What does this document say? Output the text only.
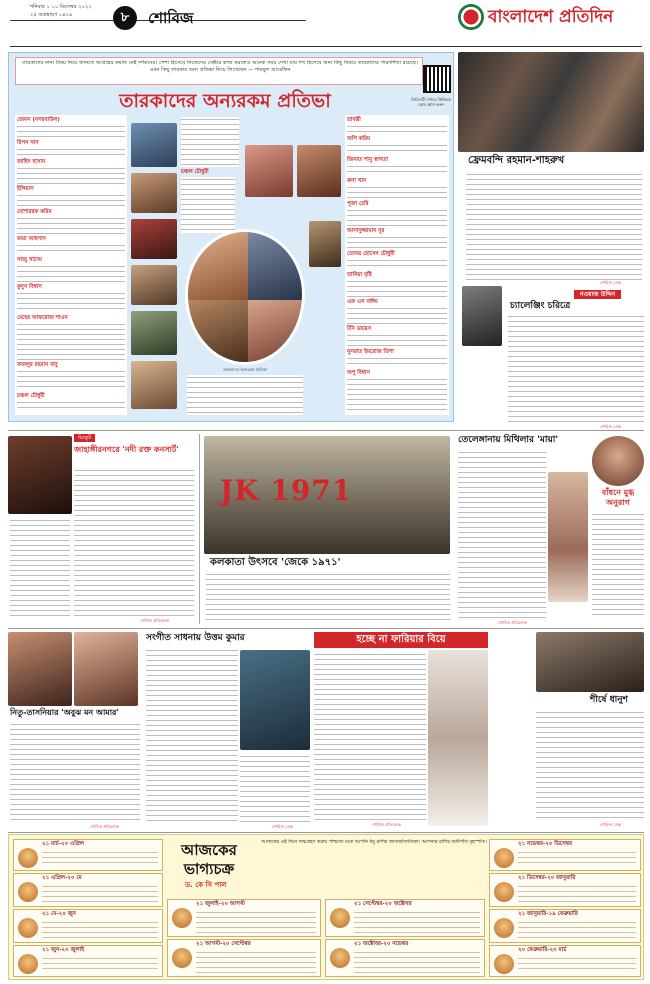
শনিবার ১ ১০ ডিসেম্বর ২০২২
২৫ অগ্রহায়ণ ১৪২৯	৮	শোবিজ	বাংলাদেশ প্রতিদিন
তারকাদের নানা বিষয় নিয়ে জানতে আগ্রহের কমতি নেই দর্শকদের। পেশা হিসেবে নিজেদের সেক্টরে কাজ করলেও অনেক সময় দেখা যায় শখ হিসেবে অন্য কিছু বিষয়ে তারকাদের পারদর্শিতা রয়েছে। এমন কিছু তারকার অন্য প্রতিভা নিয়ে লিখেছেন — শামছুল আরেফিন
তারকাদের অন্যরকম প্রতিভা	ভিডিওটি দেখতে কিউআর কোড স্ক্যান করুন
জেমস (নগরবাউল)
রিপন খান
জাহিদ হাসান
ইলিয়াস
মোশাররফ করিম
জয়া আহসান
সাজু খাদেম
কুদুস বিশ্বাস
মেহের আফরোজ শাওন
ফজলুর রহমান বাবু
চঞ্চল চৌধুরী
চঞ্চল চৌধুরী
তারকাদের অন্যরকম প্রতিভা
শ্রাবন্তী
অপি করিম
জিনাত শানু স্বাগতা
রুনা খান
পূজা চেরি
আসাদুজ্জামান নূর
তোনয় হোসেন চৌধুরী
তানিয়া বৃষ্টি
এফ এস নাঈম
টনি ডায়েস
নুসরাত ইমরোজ তিশা
অপু বিশ্বাস
ফ্রেমবন্দি রহমান-শাহরুখ
শোবিজ ডেস্ক
নওয়াজ উদ্দিন
চ্যালেঞ্জিং চরিত্রে
শোবিজ ডেস্ক
চিরকুট
জাহাঙ্গীরনগরে 'নদী রক্ত কনসার্ট'
শোবিজ প্রতিবেদক
JK 1971
কলকাতা উৎসবে 'জেকে ১৯৭১'
তেলেঙ্গানায় মিথিলার 'মায়া'
শোবিজ প্রতিবেদক
বাঁধনে মুগ্ধ অনুরাগ
নিতু-তাসনিয়ার 'অবুঝ মন আমার'
শোবিজ প্রতিবেদক
সংগীত সাধনায় উত্তম কুমার
শোবিজ ডেস্ক
হচ্ছে না ফারিয়ার বিয়ে
শোবিজ প্রতিবেদক
শীর্ষে ধানুশ
শোবিজ ডেস্ক
আজকের ভাগ্যচক্র
ড. কে সি পাল
আজকের এই দিনে জন্মগ্রহণ করায় পাশ্চাত্য মতে আপনি ধনু রাশির জাতক/জাতিকা। আপনার রাশির অধিপতি বৃহস্পতি।
২১ মার্চ-২০ এপ্রিল
২১ এপ্রিল-২০ মে
২১ মে-২০ জুন
২১ জুন-২০ জুলাই
২১ জুলাই-২০ আগস্ট
২১ আগস্ট-২০ সেপ্টেম্বর
২১ সেপ্টেম্বর-২০ অক্টোবর
২১ অক্টোবর-২০ নভেম্বর
২১ নভেম্বর-২০ ডিসেম্বর
২১ ডিসেম্বর-২০ জানুয়ারি
২১ জানুয়ারি-১৯ ফেব্রুয়ারি
২০ ফেব্রুয়ারি-২০ মার্চ
